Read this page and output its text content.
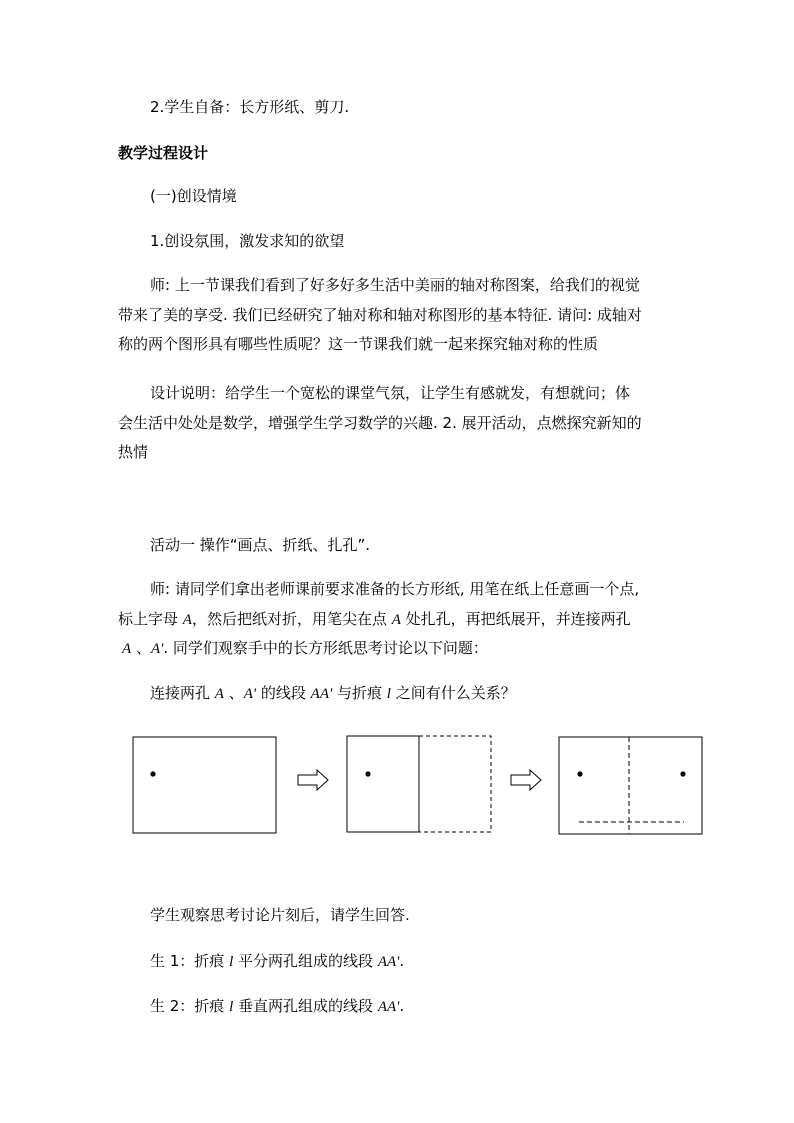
2.学生自备：长方形纸、剪刀.
教学过程设计
(一)创设情境
1.创设氛围，激发求知的欲望
师: 上一节课我们看到了好多好多生活中美丽的轴对称图案，给我们的视觉
带来了美的享受. 我们已经研究了轴对称和轴对称图形的基本特征. 请问: 成轴对
称的两个图形具有哪些性质呢？这一节课我们就一起来探究轴对称的性质
设计说明：给学生一个宽松的课堂气氛，让学生有感就发，有想就问；体
会生活中处处是数学，增强学生学习数学的兴趣. 2. 展开活动，点燃探究新知的
热情
活动一 操作“画点、折纸、扎孔”.
师: 请同学们拿出老师课前要求准备的长方形纸, 用笔在纸上任意画一个点,
标上字母 A，然后把纸对折，用笔尖在点 A 处扎孔，再把纸展开，并连接两孔
A 、A'. 同学们观察手中的长方形纸思考讨论以下问题：
连接两孔 A 、A' 的线段 AA' 与折痕 l 之间有什么关系？
学生观察思考讨论片刻后，请学生回答.
生 1：折痕 l 平分两孔组成的线段 AA'.
生 2：折痕 l 垂直两孔组成的线段 AA'.
